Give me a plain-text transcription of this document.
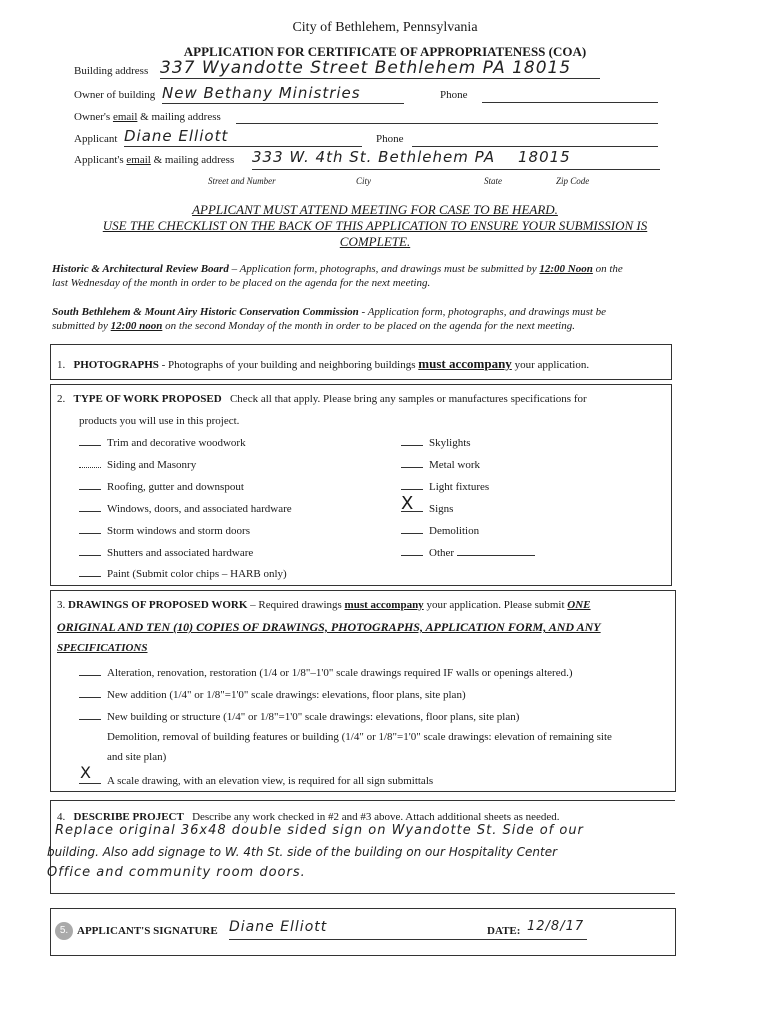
City of Bethlehem, Pennsylvania
APPLICATION FOR CERTIFICATE OF APPROPRIATENESS (COA)
Building address 337 Wyandotte Street Bethlehem PA 18015
Owner of building New Bethany Ministries	Phone
Owner's email & mailing address
Applicant Diane Elliott	Phone
Applicant's email & mailing address 333 W. 4th St. Bethlehem PA 18015
Street and Number	City	State	Zip Code
APPLICANT MUST ATTEND MEETING FOR CASE TO BE HEARD.
USE THE CHECKLIST ON THE BACK OF THIS APPLICATION TO ENSURE YOUR SUBMISSION IS
COMPLETE.
Historic & Architectural Review Board – Application form, photographs, and drawings must be submitted by 12:00 Noon on the
last Wednesday of the month in order to be placed on the agenda for the next meeting.
South Bethlehem & Mount Airy Historic Conservation Commission - Application form, photographs, and drawings must be
submitted by 12:00 noon on the second Monday of the month in order to be placed on the agenda for the next meeting.
1. PHOTOGRAPHS - Photographs of your building and neighboring buildings must accompany your application.
2. TYPE OF WORK PROPOSED Check all that apply. Please bring any samples or manufactures specifications for
products you will use in this project.
Trim and decorative woodwork
Siding and Masonry
Roofing, gutter and downspout
Windows, doors, and associated hardware
Storm windows and storm doors
Shutters and associated hardware
Paint (Submit color chips – HARB only)
Skylights
Metal work
Light fixtures
Signs
X
Demolition
Other
3. DRAWINGS OF PROPOSED WORK – Required drawings must accompany your application. Please submit ONE
ORIGINAL AND TEN (10) COPIES OF DRAWINGS, PHOTOGRAPHS, APPLICATION FORM, AND ANY
SPECIFICATIONS
Alteration, renovation, restoration (1/4 or 1/8"–1'0" scale drawings required IF walls or openings altered.)
New addition (1/4" or 1/8"=1'0" scale drawings: elevations, floor plans, site plan)
New building or structure (1/4" or 1/8"=1'0" scale drawings: elevations, floor plans, site plan)
Demolition, removal of building features or building (1/4" or 1/8"=1'0" scale drawings: elevation of remaining site
and site plan)
A scale drawing, with an elevation view, is required for all sign submittals
X
4. DESCRIBE PROJECT Describe any work checked in #2 and #3 above. Attach additional sheets as needed.
Replace original 36x48 double sided sign on Wyandotte St. Side of our
building. Also add signage to W. 4th St. side of the building on our Hospitality Center
Office and community room doors.
5. APPLICANT'S SIGNATURE Diane Elliott	DATE: 12/8/17
